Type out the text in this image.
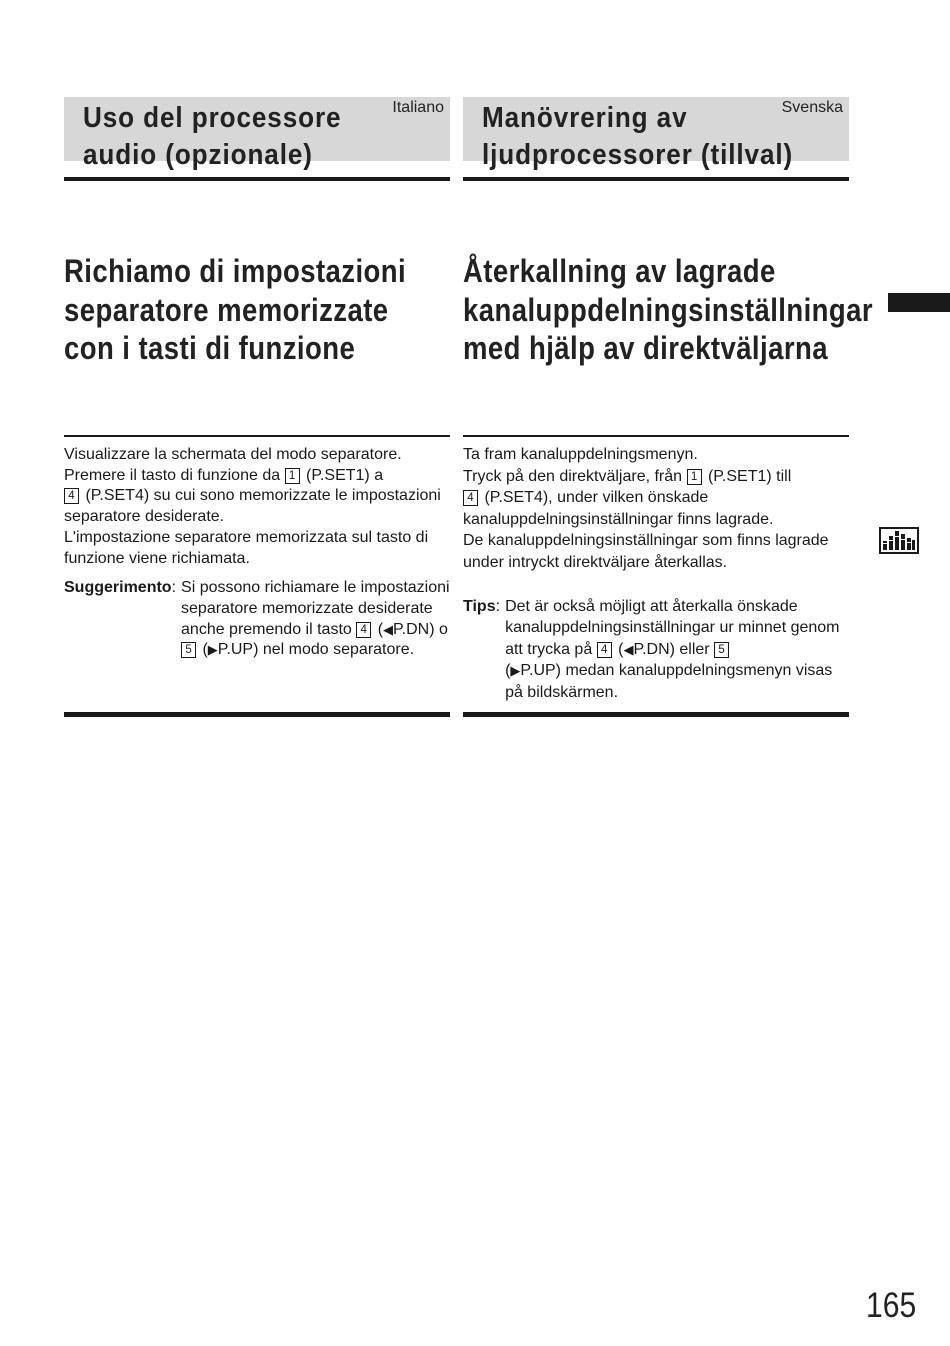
Uso del processore
audio (opzionale)
Italiano
Richiamo di impostazioni
separatore memorizzate
con i tasti di funzione

Visualizzare la schermata del modo separatore.

Premere il tasto di funzione da 1 (P.SET1) a
4 (P.SET4) su cui sono memorizzate le impostazioni separatore desiderate.

L'impostazione separatore memorizzata sul tasto di funzione viene richiamata.

Suggerimento : Si possono richiamare le impostazioni separatore memorizzate desiderate anche premendo il tasto 4 (◀P.DN) o 5 (▶P.UP) nel modo separatore.
Manövrering av
ljudprocessorer (tillval)
Svenska
Återkallning av lagrade
kanaluppdelningsinställningar
med hjälp av direktväljarna

Ta fram kanaluppdelningsmenyn.

Tryck på den direktväljare, från 1 (P.SET1) till
4 (P.SET4), under vilken önskade kanaluppdelningsinställningar finns lagrade.

De kanaluppdelningsinställningar som finns lagrade under intryckt direktväljare återkallas.

Tips : Det är också möjligt att återkalla önskade kanaluppdelningsinställningar ur minnet genom att trycka på 4 (◀P.DN) eller 5
(▶P.UP) medan kanaluppdelningsmenyn visas på bildskärmen.
165
